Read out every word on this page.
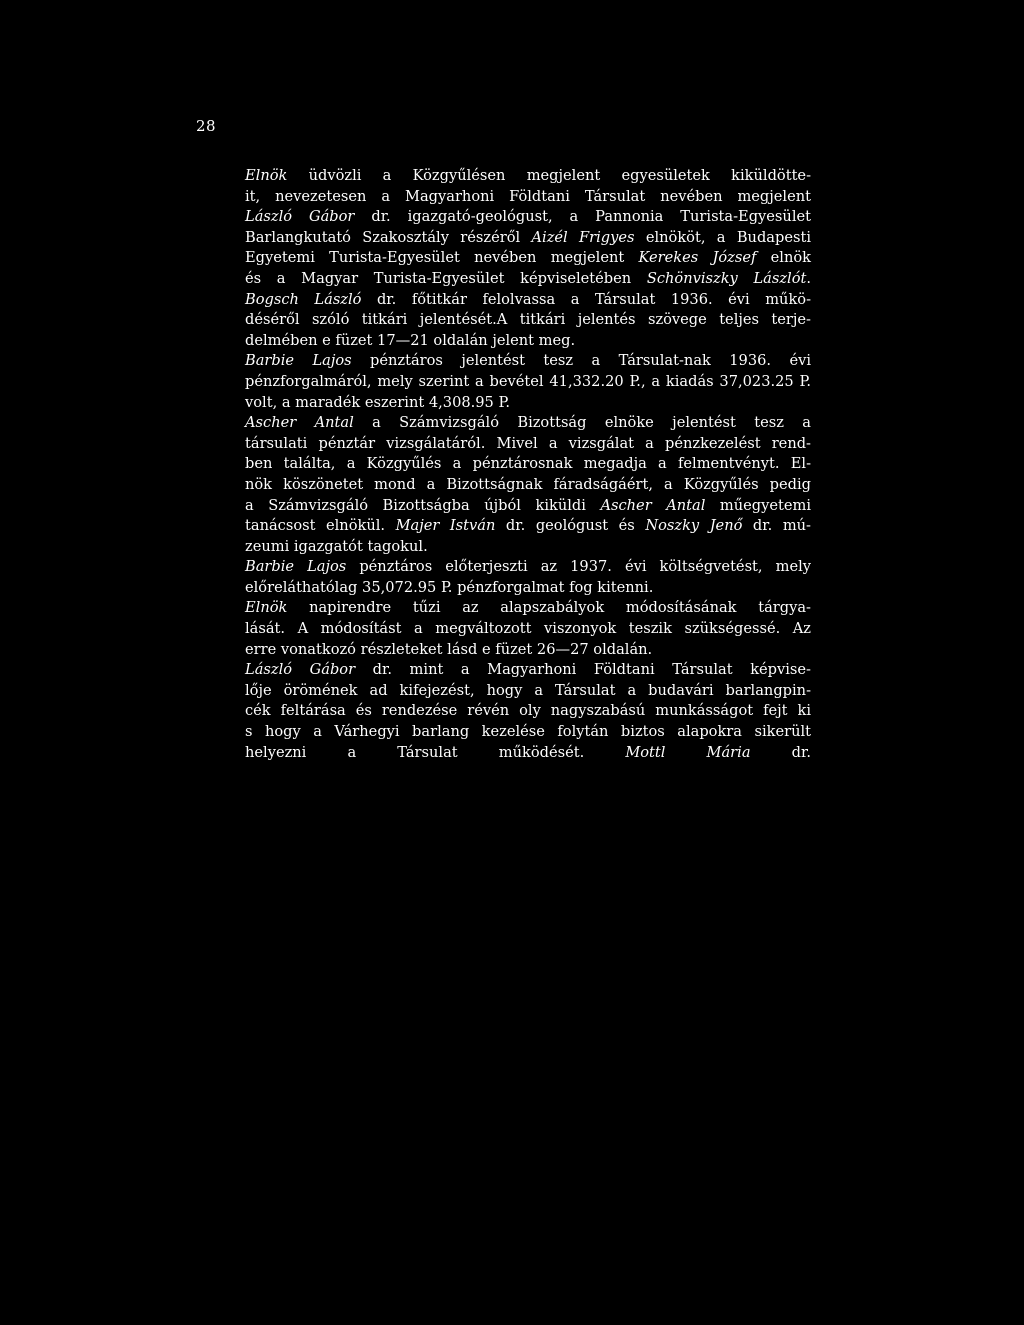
28

Elnök üdvözli a Közgyűlésen megjelent egyesületek kiküldötte-
it, nevezetesen a Magyarhoni Földtani Társulat nevében megjelent
László Gábor dr. igazgató-geológust, a Pannonia Turista-Egyesület
Barlangkutató Szakosztály részéről Aizél Frigyes elnököt, a Budapesti
Egyetemi Turista-Egyesület nevében megjelent Kerekes József elnök
és a Magyar Turista-Egyesület képviseletében Schönviszky Lászlót.

Bogsch László dr. főtitkár felolvassa a Társulat 1936. évi műkö-
déséről szóló titkári jelentését.A titkári jelentés szövege teljes terje-
delmében e füzet 17—21 oldalán jelent meg.

Barbie Lajos pénztáros jelentést tesz a Társulat-nak 1936. évi
pénzforgalmáról, mely szerint a bevétel 41,332.20 P., a kiadás 37,023.25 P.
volt, a maradék eszerint 4,308.95 P.

Ascher Antal a Számvizsgáló Bizottság elnöke jelentést tesz a
társulati pénztár vizsgálatáról. Mivel a vizsgálat a pénzkezelést rend-
ben találta, a Közgyűlés a pénztárosnak megadja a felmentvényt. El-
nök köszönetet mond a Bizottságnak fáradságáért, a Közgyűlés pedig
a Számvizsgáló Bizottságba újból kiküldi Ascher Antal műegyetemi
tanácsost elnökül. Majer István dr. geológust és Noszky Jenő dr. mú-
zeumi igazgatót tagokul.

Barbie Lajos pénztáros előterjeszti az 1937. évi költségvetést, mely
előreláthatólag 35,072.95 P. pénzforgalmat fog kitenni.

Elnök napirendre tűzi az alapszabályok módosításának tárgya-
lását. A módosítást a megváltozott viszonyok teszik szükségessé. Az
erre vonatkozó részleteket lásd e füzet 26—27 oldalán.

László Gábor dr. mint a Magyarhoni Földtani Társulat képvise-
lője örömének ad kifejezést, hogy a Társulat a budavári barlangpin-
cék feltárása és rendezése révén oly nagyszabású munkásságot fejt ki
s hogy a Várhegyi barlang kezelése folytán biztos alapokra sikerült
helyezni a Társulat működését. Mottl Mária dr.
